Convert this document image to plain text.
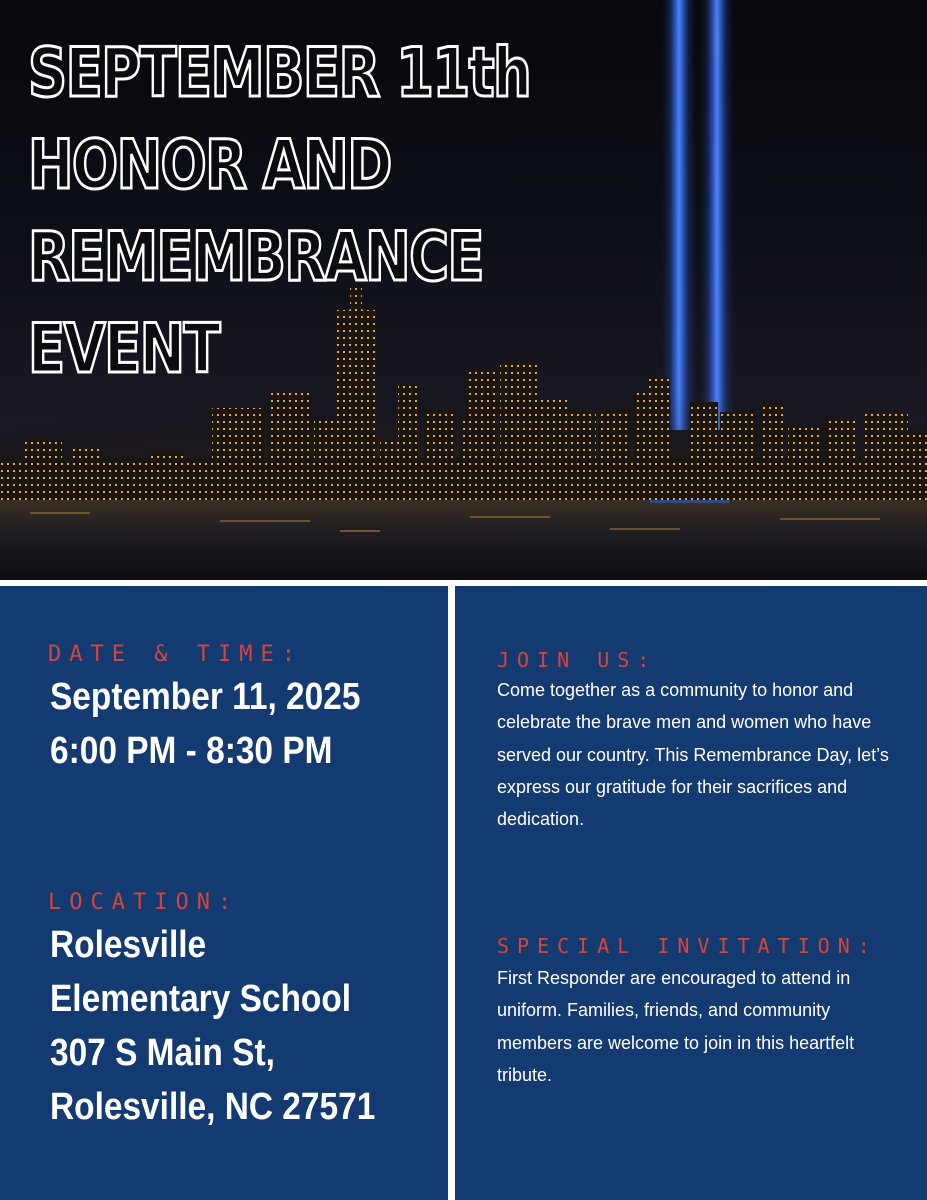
SEPTEMBER 11th
HONOR AND
REMEMBRANCE
EVENT
DATE & TIME:
September 11, 2025
6:00 PM - 8:30 PM
LOCATION:
Rolesville
Elementary School
307 S Main St,
Rolesville, NC 27571
JOIN US:
Come together as a community to honor and celebrate the brave men and women who have served our country. This Remembrance Day, let’s express our gratitude for their sacrifices and dedication.
SPECIAL INVITATION:
First Responder are encouraged to attend in uniform. Families, friends, and community members are welcome to join in this heartfelt tribute.
